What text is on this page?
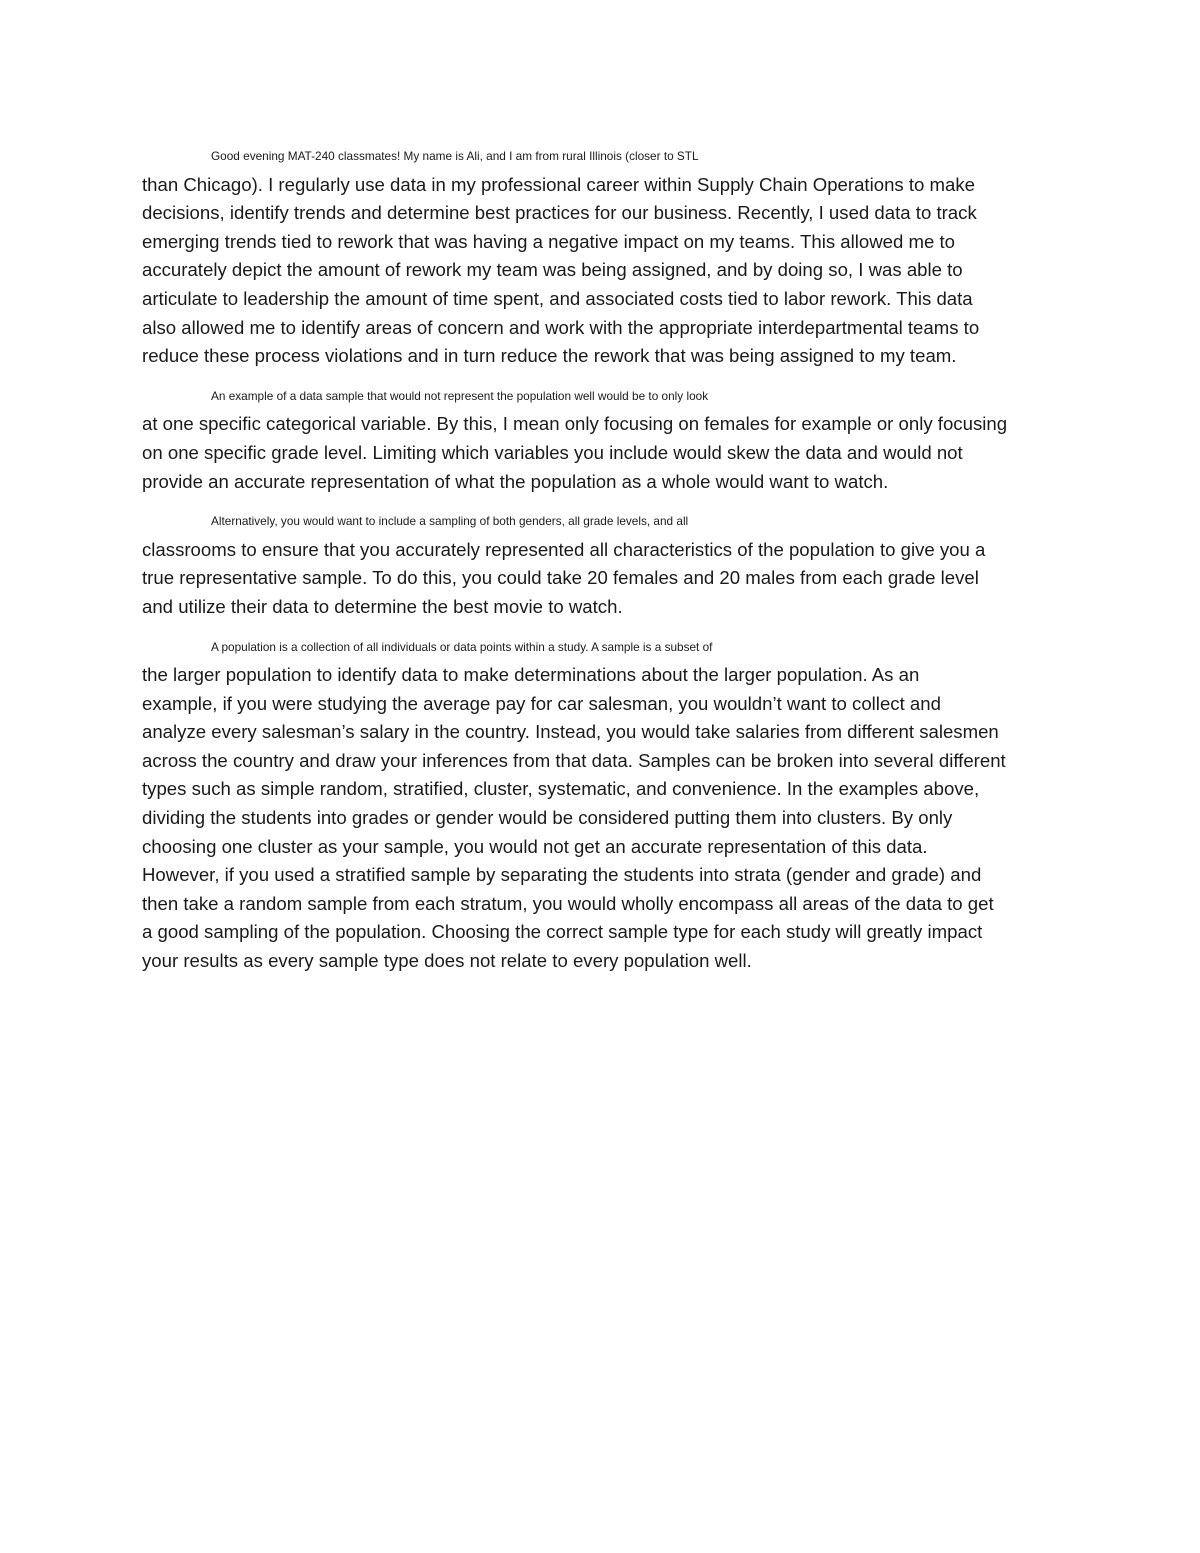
Good evening MAT-240 classmates! My name is Ali, and I am from rural Illinois (closer to STL
than Chicago). I regularly use data in my professional career within Supply Chain Operations to make
decisions, identify trends and determine best practices for our business. Recently, I used data to track
emerging trends tied to rework that was having a negative impact on my teams. This allowed me to
accurately depict the amount of rework my team was being assigned, and by doing so, I was able to
articulate to leadership the amount of time spent, and associated costs tied to labor rework. This data
also allowed me to identify areas of concern and work with the appropriate interdepartmental teams to
reduce these process violations and in turn reduce the rework that was being assigned to my team.

An example of a data sample that would not represent the population well would be to only look
at one specific categorical variable. By this, I mean only focusing on females for example or only focusing
on one specific grade level. Limiting which variables you include would skew the data and would not
provide an accurate representation of what the population as a whole would want to watch.

Alternatively, you would want to include a sampling of both genders, all grade levels, and all
classrooms to ensure that you accurately represented all characteristics of the population to give you a
true representative sample. To do this, you could take 20 females and 20 males from each grade level
and utilize their data to determine the best movie to watch.

A population is a collection of all individuals or data points within a study. A sample is a subset of
the larger population to identify data to make determinations about the larger population. As an
example, if you were studying the average pay for car salesman, you wouldn’t want to collect and
analyze every salesman’s salary in the country. Instead, you would take salaries from different salesmen
across the country and draw your inferences from that data. Samples can be broken into several different
types such as simple random, stratified, cluster, systematic, and convenience. In the examples above,
dividing the students into grades or gender would be considered putting them into clusters. By only
choosing one cluster as your sample, you would not get an accurate representation of this data.
However, if you used a stratified sample by separating the students into strata (gender and grade) and
then take a random sample from each stratum, you would wholly encompass all areas of the data to get
a good sampling of the population. Choosing the correct sample type for each study will greatly impact
your results as every sample type does not relate to every population well.
